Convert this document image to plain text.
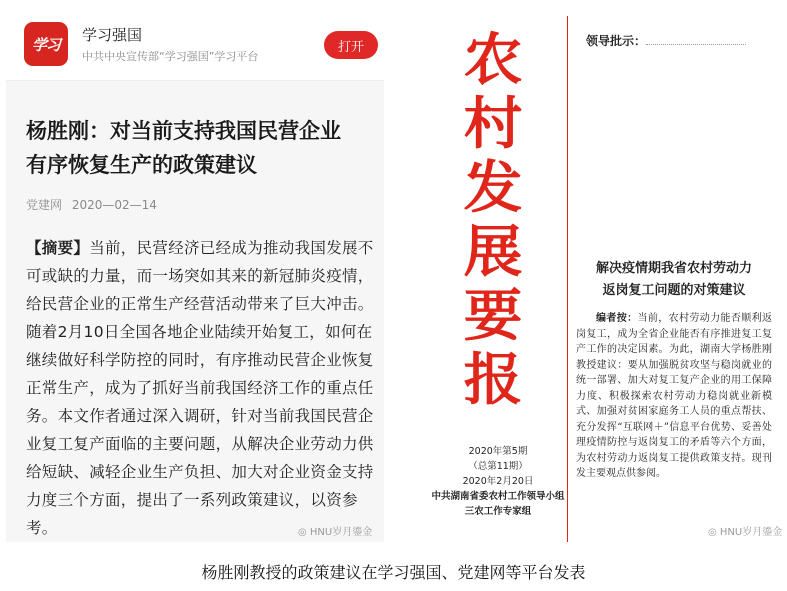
学习
学习强国
中共中央宣传部“学习强国”学习平台
打开
杨胜刚：对当前支持我国民营企业
有序恢复生产的政策建议
党建网 2020—02—14
【摘要】当前，民营经济已经成为推动我国发展不可或缺的力量，而一场突如其来的新冠肺炎疫情，给民营企业的正常生产经营活动带来了巨大冲击。随着2月10日全国各地企业陆续开始复工，如何在继续做好科学防控的同时，有序推动民营企业恢复正常生产，成为了抓好当前我国经济工作的重点任务。本文作者通过深入调研，针对当前我国民营企业复工复产面临的主要问题，从解决企业劳动力供给短缺、减轻企业生产负担、加大对企业资金支持力度三个方面，提出了一系列政策建议，以资参考。	◎ HNU岁月鎏金
农
村
发
展
要
报
2020年第5期
（总第11期）
2020年2月20日
中共湖南省委农村工作领导小组
三农工作专家组
领导批示：
解决疫情期我省农村劳动力
返岗复工问题的对策建议
编者按：当前，农村劳动力能否顺利返岗复工，成为全省企业能否有序推进复工复产工作的决定因素。为此，湖南大学杨胜刚教授建议：要从加强脱贫攻坚与稳岗就业的统一部署、加大对复工复产企业的用工保障力度、积极探索农村劳动力稳岗就业新模式、加强对贫困家庭务工人员的重点帮扶、充分发挥“互联网＋”信息平台优势、妥善处理疫情防控与返岗复工的矛盾等六个方面，为农村劳动力返岗复工提供政策支持。现刊发主要观点供参阅。
◎ HNU岁月鎏金
杨胜刚教授的政策建议在学习强国、党建网等平台发表
